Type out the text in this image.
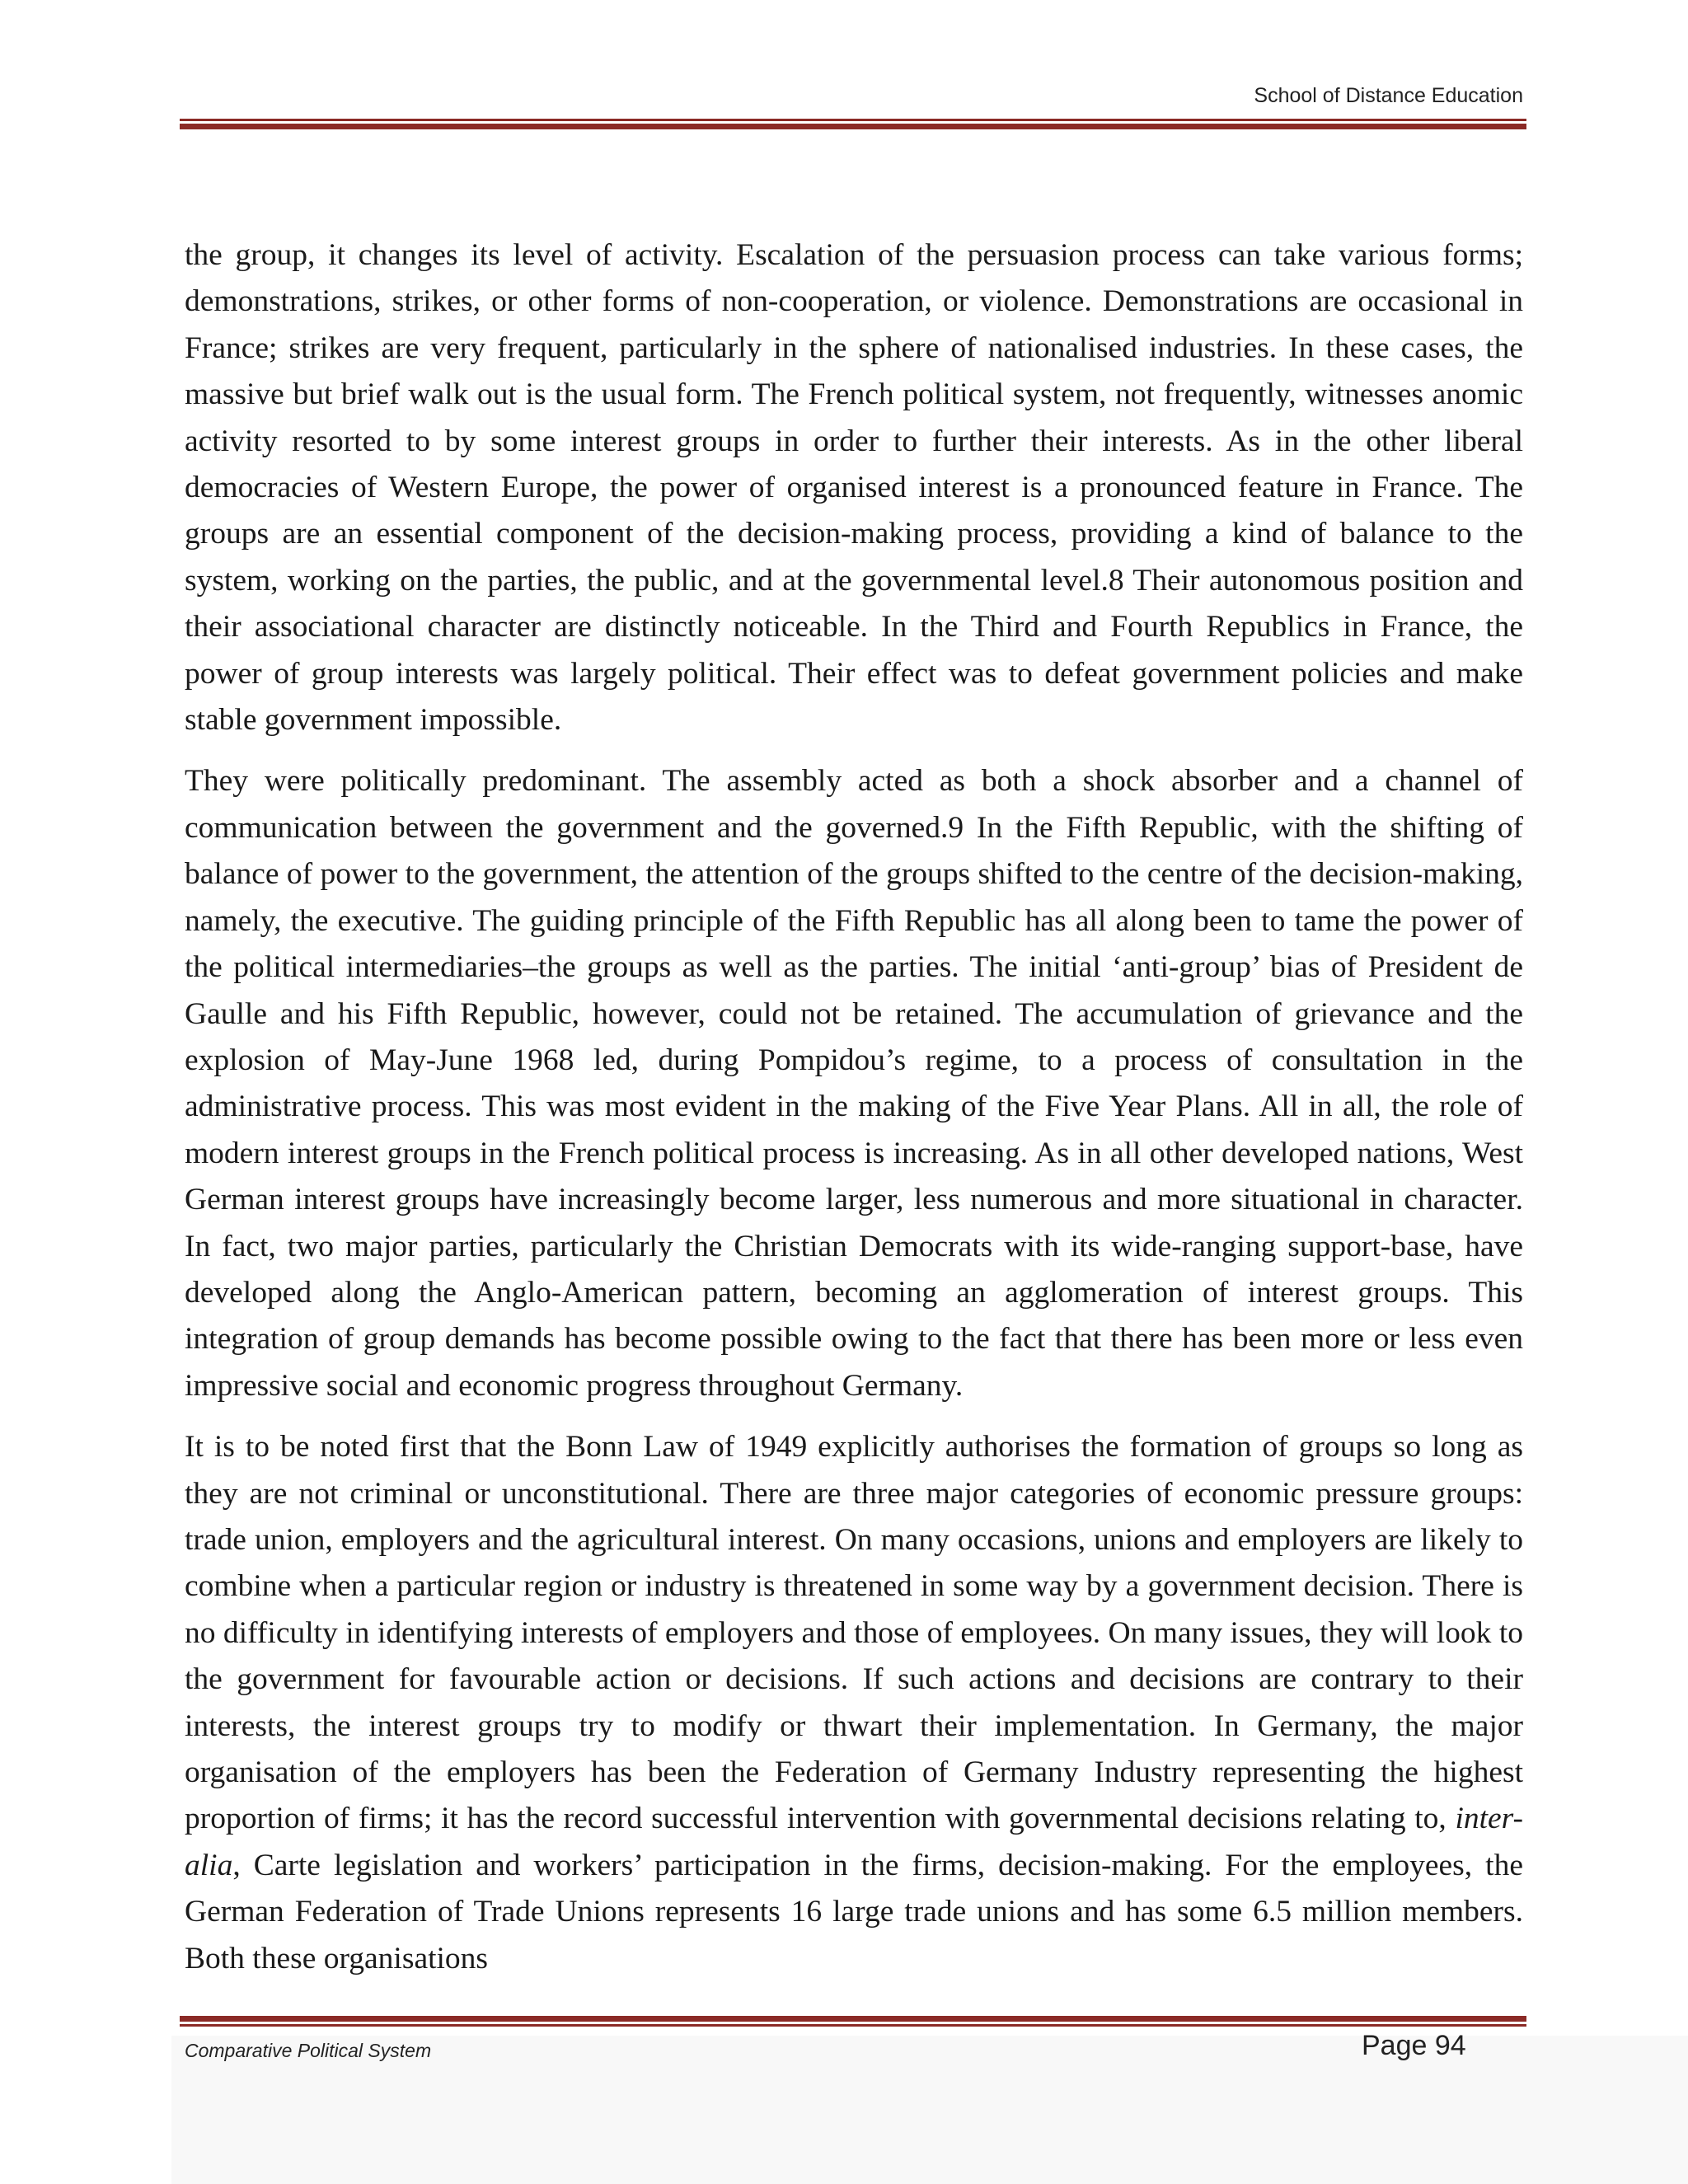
School of Distance Education

the group, it changes its level of activity. Escalation of the persuasion process can take various forms; demonstrations, strikes, or other forms of non-cooperation, or violence. Demonstrations are occasional in France; strikes are very frequent, particularly in the sphere of nationalised industries. In these cases, the massive but brief walk out is the usual form. The French political system, not frequently, witnesses anomic activity resorted to by some interest groups in order to further their interests. As in the other liberal democracies of Western Europe, the power of organised interest is a pronounced feature in France. The groups are an essential component of the decision-making process, providing a kind of balance to the system, working on the parties, the public, and at the governmental level.8 Their autonomous position and their associational character are distinctly noticeable. In the Third and Fourth Republics in France, the power of group interests was largely political. Their effect was to defeat government policies and make stable government impossible.

They were politically predominant. The assembly acted as both a shock absorber and a channel of communication between the government and the governed.9 In the Fifth Republic, with the shifting of balance of power to the government, the attention of the groups shifted to the centre of the decision-making, namely, the executive. The guiding principle of the Fifth Republic has all along been to tame the power of the political intermediaries–the groups as well as the parties. The initial ‘anti-group’ bias of President de Gaulle and his Fifth Republic, however, could not be retained. The accumulation of grievance and the explosion of May-June 1968 led, during Pompidou’s regime, to a process of consultation in the administrative process. This was most evident in the making of the Five Year Plans. All in all, the role of modern interest groups in the French political process is increasing. As in all other developed nations, West German interest groups have increasingly become larger, less numerous and more situational in character. In fact, two major parties, particularly the Christian Democrats with its wide-ranging support-base, have developed along the Anglo-American pattern, becoming an agglomeration of interest groups. This integration of group demands has become possible owing to the fact that there has been more or less even impressive social and economic progress throughout Germany.

It is to be noted first that the Bonn Law of 1949 explicitly authorises the formation of groups so long as they are not criminal or unconstitutional. There are three major categories of economic pressure groups: trade union, employers and the agricultural interest. On many occasions, unions and employers are likely to combine when a particular region or industry is threatened in some way by a government decision. There is no difficulty in identifying interests of employers and those of employees. On many issues, they will look to the government for favourable action or decisions. If such actions and decisions are contrary to their interests, the interest groups try to modify or thwart their implementation. In Germany, the major organisation of the employers has been the Federation of Germany Industry representing the highest proportion of firms; it has the record successful intervention with governmental decisions relating to, inter-alia, Carte legislation and workers’ participation in the firms, decision-making. For the employees, the German Federation of Trade Unions represents 16 large trade unions and has some 6.5 million members. Both these organisations

Comparative Political System	Page 94
